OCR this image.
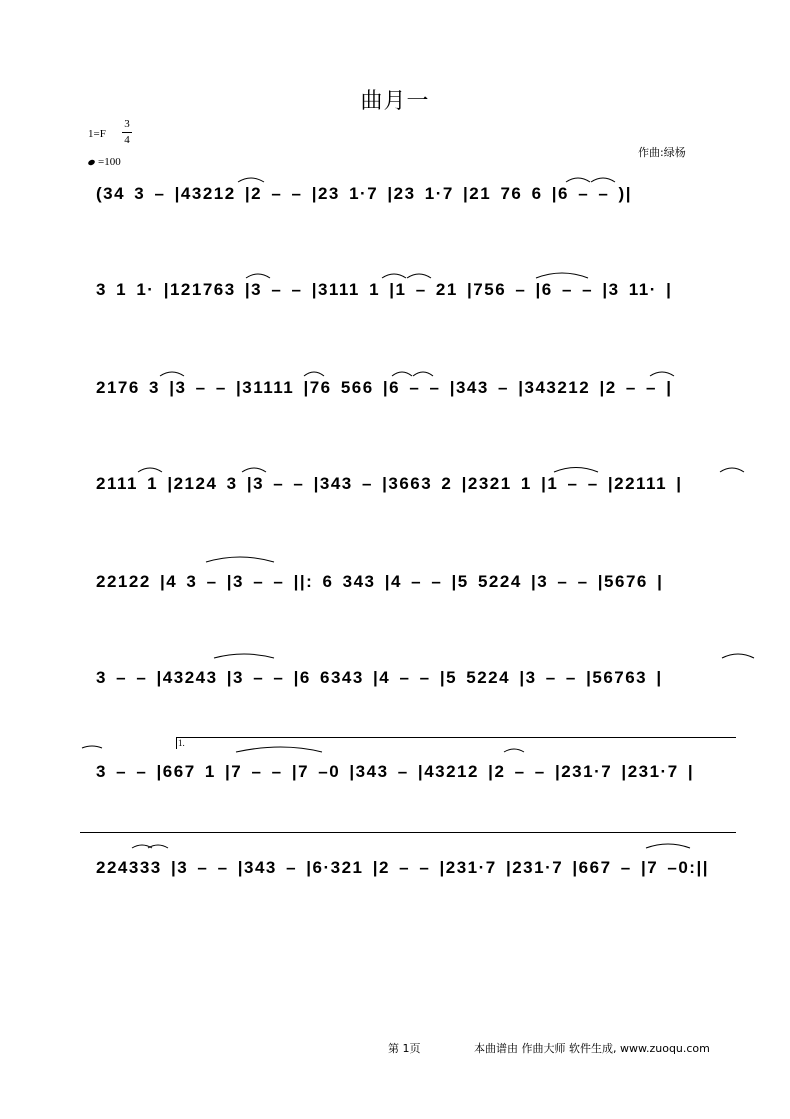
曲月一
1=F
3
4
=100
作曲:绿杨
(34 3 – |43212 |2 – – |23 1·7 |23 1·7 |21 76 6 |6 – – )|
3 1 1· |121763 |3 – – |3111 1 |1 – 21 |756 – |6 – – |3 11· |
2176 3 |3 – – |31111 |76 566 |6 – – |343 – |343212 |2 – – |
2111 1 |2124 3 |3 – – |343 – |3663 2 |2321 1 |1 – – |22111 |
22122 |4 3 – |3 – – ||: 6 343 |4 – – |5 5224 |3 – – |5676 |
3 – – |43243 |3 – – |6 6343 |4 – – |5 5224 |3 – – |56763 |
1.
3 – – |667 1 |7 – – |7 –0 |343 – |43212 |2 – – |231·7 |231·7 |
224333 |3 – – |343 – |6·321 |2 – – |231·7 |231·7 |667 – |7 –0:||
第 1页	本曲谱由 作曲大师 软件生成, www.zuoqu.com
